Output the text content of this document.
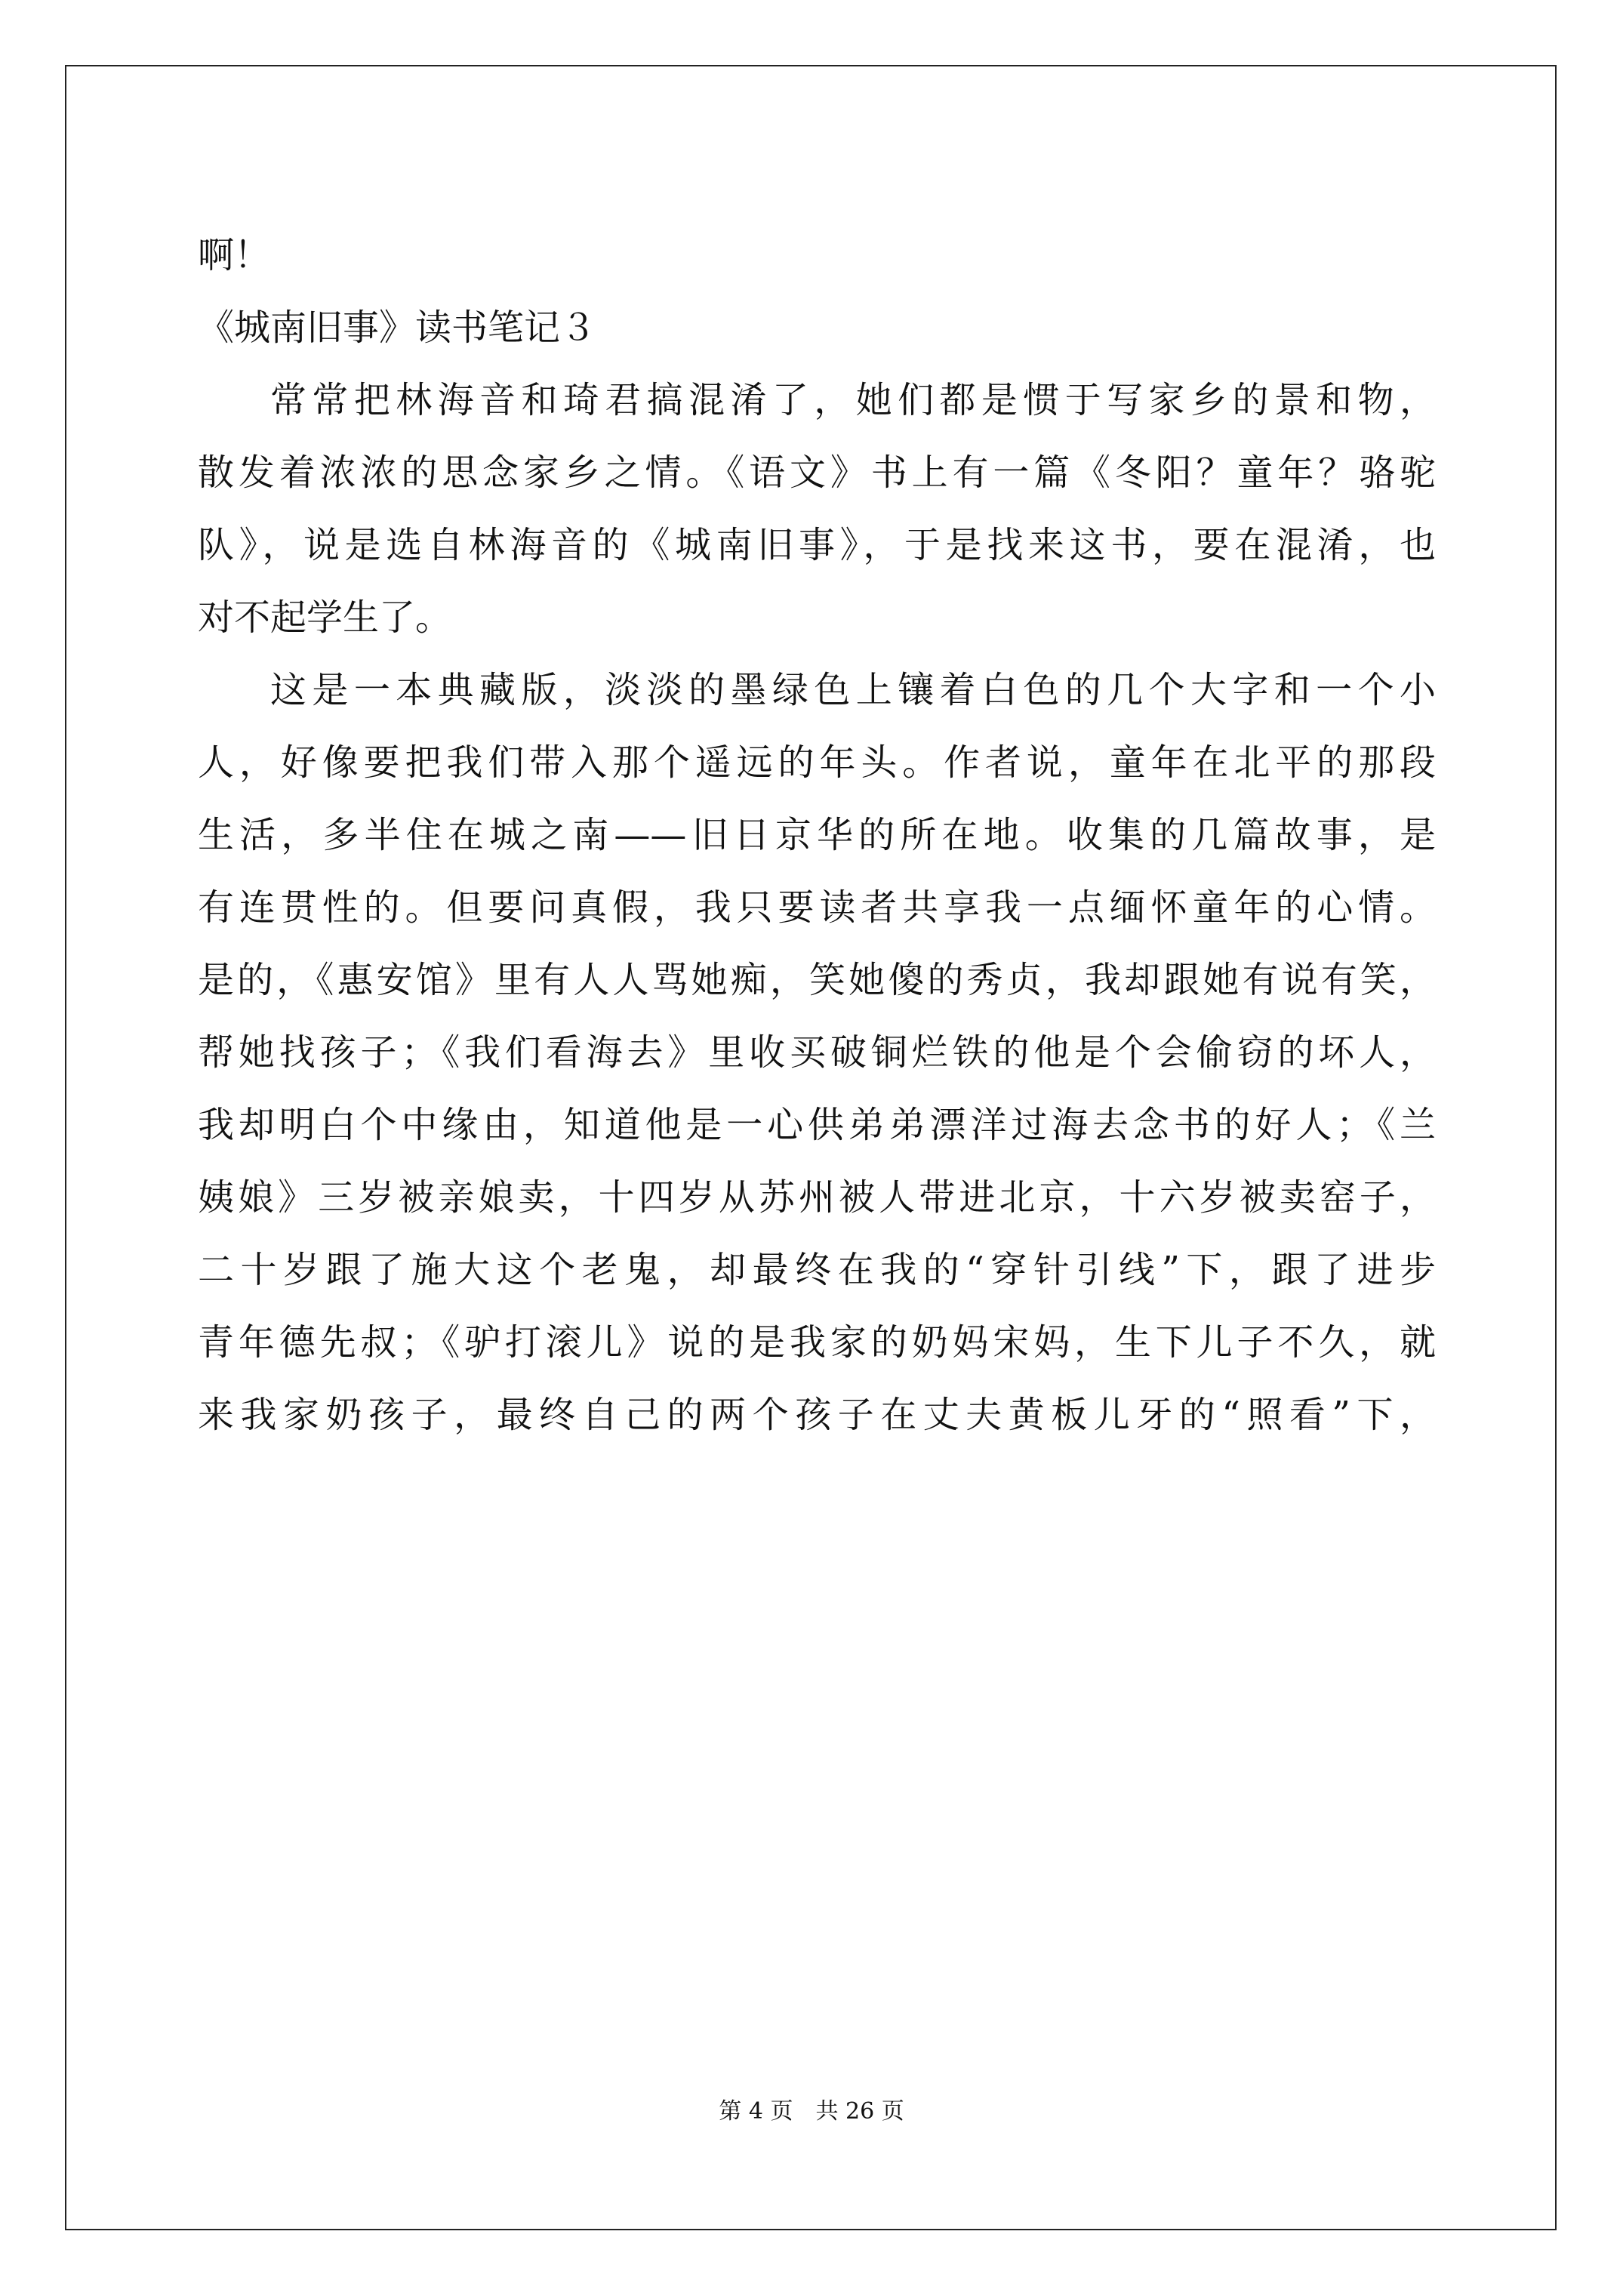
啊！

《城南旧事》读书笔记３

常常把林海音和琦君搞混淆了，她们都是惯于写家乡的景和物，

散发着浓浓的思念家乡之情。《语文》书上有一篇《冬阳？童年？骆驼

队》，说是选自林海音的《城南旧事》，于是找来这书，要在混淆，也

对不起学生了。

这是一本典藏版，淡淡的墨绿色上镶着白色的几个大字和一个小

人，好像要把我们带入那个遥远的年头。作者说，童年在北平的那段

生活，多半住在城之南——旧日京华的所在地。收集的几篇故事，是

有连贯性的。但要问真假，我只要读者共享我一点缅怀童年的心情。

是的，《惠安馆》里有人人骂她痴，笑她傻的秀贞，我却跟她有说有笑，

帮她找孩子；《我们看海去》里收买破铜烂铁的他是个会偷窃的坏人，

我却明白个中缘由，知道他是一心供弟弟漂洋过海去念书的好人；《兰

姨娘》三岁被亲娘卖，十四岁从苏州被人带进北京，十六岁被卖窑子，

二十岁跟了施大这个老鬼，却最终在我的“穿针引线”下，跟了进步

青年德先叔；《驴打滚儿》说的是我家的奶妈宋妈，生下儿子不久，就

来我家奶孩子，最终自己的两个孩子在丈夫黄板儿牙的“照看”下，

第 4 页 共 26 页
